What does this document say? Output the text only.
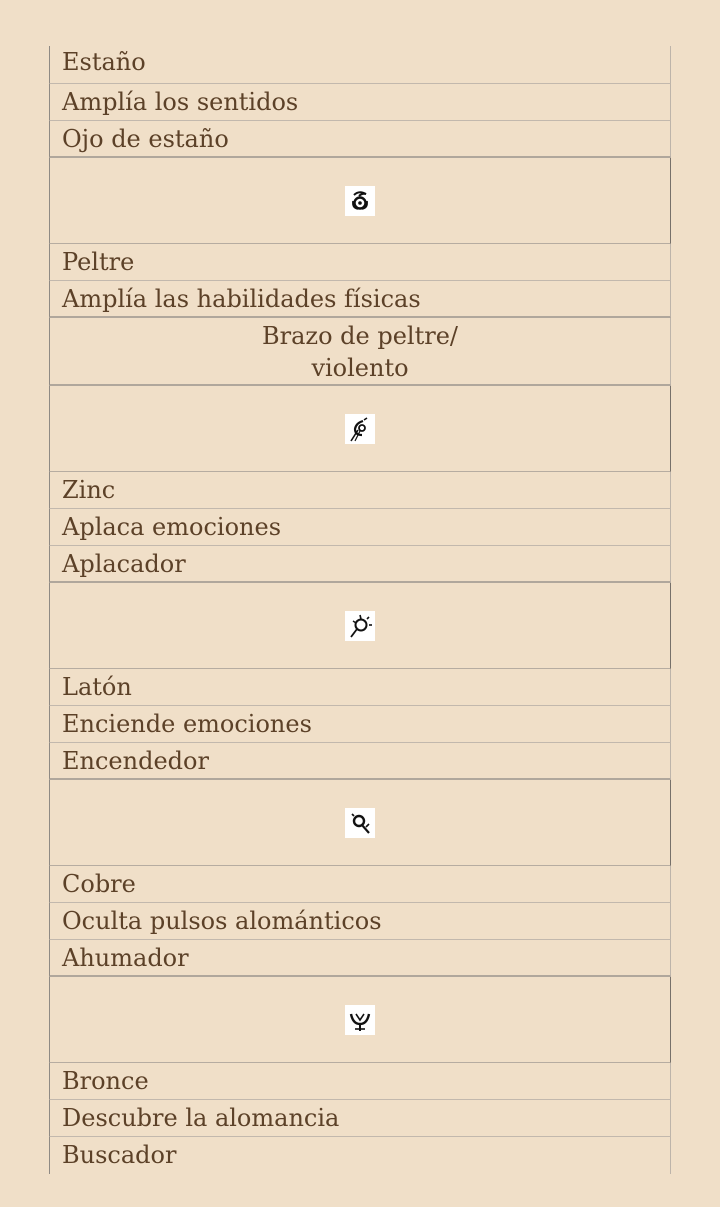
Estaño
Amplía los sentidos
Ojo de estaño
Peltre
Amplía las habilidades físicas
Brazo de peltre/
violento
Zinc
Aplaca emociones
Aplacador
Latón
Enciende emociones
Encendedor
Cobre
Oculta pulsos alománticos
Ahumador
Bronce
Descubre la alomancia
Buscador
